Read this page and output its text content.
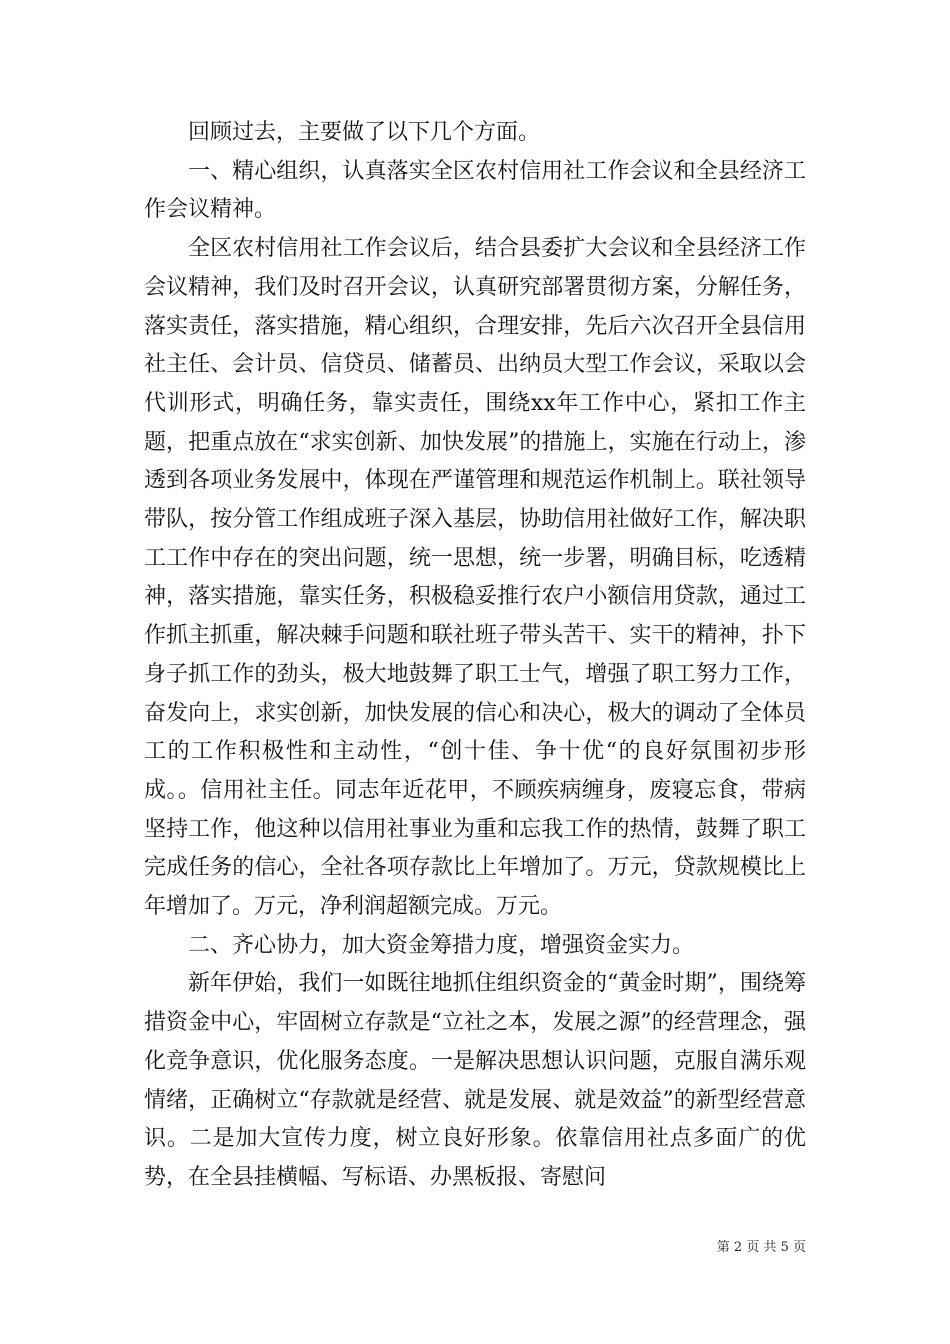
回顾过去，主要做了以下几个方面。

一、精心组织，认真落实全区农村信用社工作会议和全县经济工作会议精神。

全区农村信用社工作会议后，结合县委扩大会议和全县经济工作会议精神，我们及时召开会议，认真研究部署贯彻方案，分解任务，落实责任，落实措施，精心组织，合理安排，先后六次召开全县信用社主任、会计员、信贷员、储蓄员、出纳员大型工作会议，采取以会代训形式，明确任务，靠实责任，围绕xx年工作中心，紧扣工作主题，把重点放在“求实创新、加快发展”的措施上，实施在行动上，渗透到各项业务发展中，体现在严谨管理和规范运作机制上。联社领导带队，按分管工作组成班子深入基层，协助信用社做好工作，解决职工工作中存在的突出问题，统一思想，统一步署，明确目标，吃透精神，落实措施，靠实任务，积极稳妥推行农户小额信用贷款，通过工作抓主抓重，解决棘手问题和联社班子带头苦干、实干的精神，扑下身子抓工作的劲头，极大地鼓舞了职工士气，增强了职工努力工作，奋发向上，求实创新，加快发展的信心和决心，极大的调动了全体员工的工作积极性和主动性，“创十佳、争十优“的良好氛围初步形成。。信用社主任。同志年近花甲，不顾疾病缠身，废寝忘食，带病坚持工作，他这种以信用社事业为重和忘我工作的热情，鼓舞了职工完成任务的信心，全社各项存款比上年增加了。万元，贷款规模比上年增加了。万元，净利润超额完成。万元。

二、齐心协力，加大资金筹措力度，增强资金实力。

新年伊始，我们一如既往地抓住组织资金的“黄金时期”，围绕筹措资金中心，牢固树立存款是“立社之本，发展之源”的经营理念，强化竞争意识，优化服务态度。一是解决思想认识问题，克服自满乐观情绪，正确树立“存款就是经营、就是发展、就是效益”的新型经营意识。二是加大宣传力度，树立良好形象。依靠信用社点多面广的优势，在全县挂横幅、写标语、办黑板报、寄慰问

第 2 页 共 5 页
